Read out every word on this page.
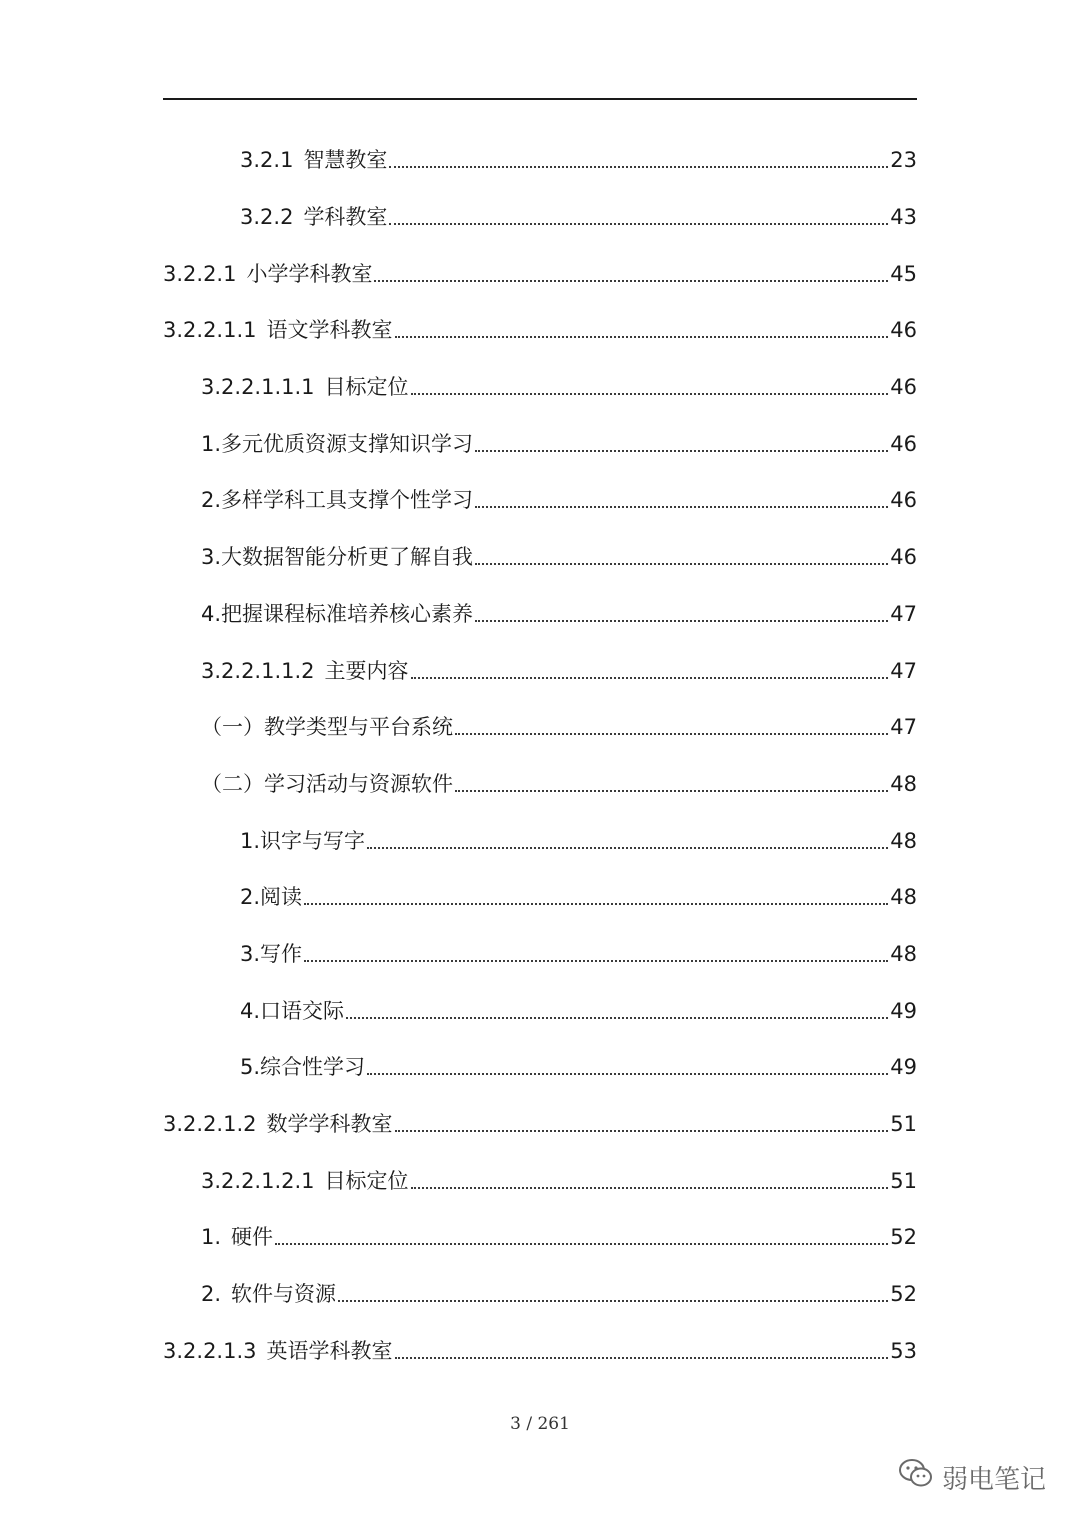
3.2.1 智慧教室	23
3.2.2 学科教室	43
3.2.2.1 小学学科教室	45
3.2.2.1.1 语文学科教室	46
3.2.2.1.1.1 目标定位	46
1.多元优质资源支撑知识学习	46
2.多样学科工具支撑个性学习	46
3.大数据智能分析更了解自我	46
4.把握课程标准培养核心素养	47
3.2.2.1.1.2 主要内容	47
（一）教学类型与平台系统	47
（二）学习活动与资源软件	48
1.识字与写字	48
2.阅读	48
3.写作	48
4.口语交际	49
5.综合性学习	49
3.2.2.1.2 数学学科教室	51
3.2.2.1.2.1 目标定位	51
1. 硬件	52
2. 软件与资源	52
3.2.2.1.3 英语学科教室	53
3 / 261
弱电笔记
